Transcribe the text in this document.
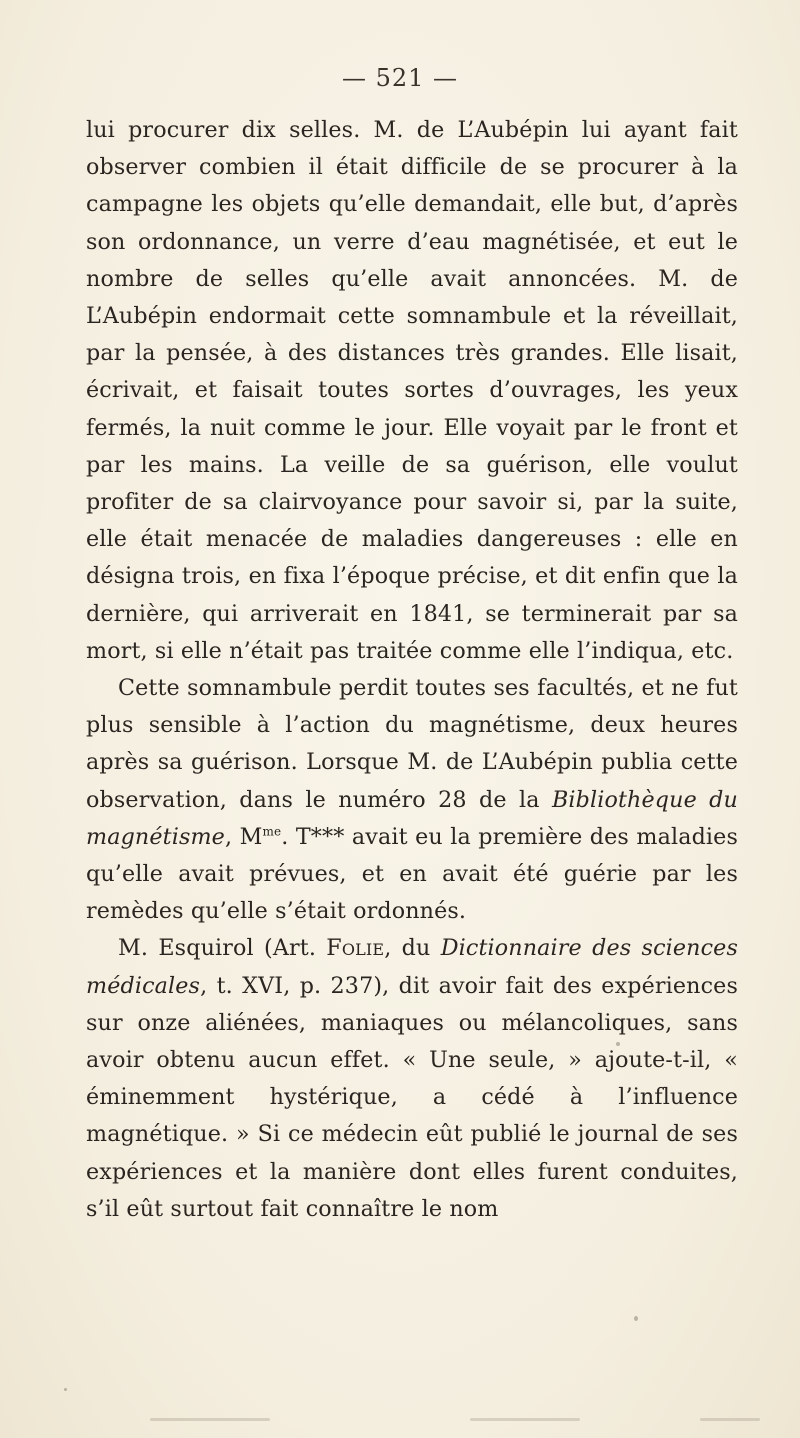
— 521 —

lui procurer dix selles. M. de L’Aubépin lui ayant fait observer combien il était difficile de se procurer à la campagne les objets qu’elle demandait, elle but, d’après son ordonnance, un verre d’eau magnétisée, et eut le nombre de selles qu’elle avait annoncées. M. de L’Aubépin endormait cette somnambule et la réveillait, par la pensée, à des distances très grandes. Elle lisait, écrivait, et faisait toutes sortes d’ouvrages, les yeux fermés, la nuit comme le jour. Elle voyait par le front et par les mains. La veille de sa guérison, elle voulut profiter de sa clairvoyance pour savoir si, par la suite, elle était menacée de maladies dangereuses : elle en désigna trois, en fixa l’époque précise, et dit enfin que la dernière, qui arriverait en 1841, se terminerait par sa mort, si elle n’était pas traitée comme elle l’indiqua, etc.

Cette somnambule perdit toutes ses facultés, et ne fut plus sensible à l’action du magnétisme, deux heures après sa guérison. Lorsque M. de L’Aubépin publia cette observation, dans le numéro 28 de la Bibliothèque du magnétisme, $M^{me}$. T*** avait eu la première des maladies qu’elle avait prévues, et en avait été guérie par les remèdes qu’elle s’était ordonnés.

M. Esquirol (Art. Folie, du Dictionnaire des sciences médicales, t. XVI, p. 237), dit avoir fait des expériences sur onze aliénées, maniaques ou mélancoliques, sans avoir obtenu aucun effet. « Une seule, » ajoute-t-il, « éminemment hystérique, a cédé à l’influence magnétique. » Si ce médecin eût publié le journal de ses expériences et la manière dont elles furent conduites, s’il eût surtout fait connaître le nom
